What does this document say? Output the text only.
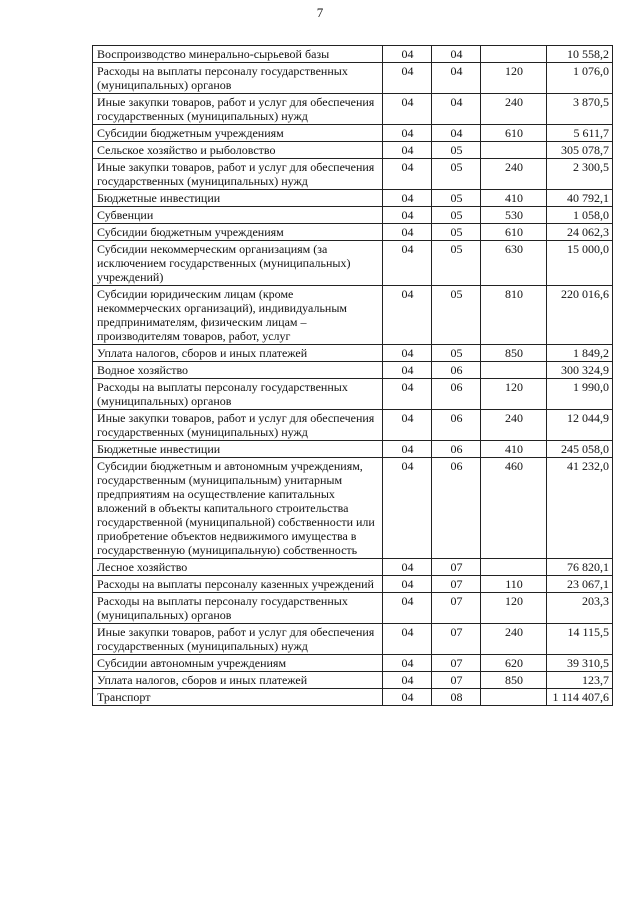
7
Воспроизводство минерально-сырьевой базы	04	04		10 558,2
Расходы на выплаты персоналу государственных (муниципальных) органов	04	04	120	1 076,0
Иные закупки товаров, работ и услуг для обеспечения государственных (муниципальных) нужд	04	04	240	3 870,5
Субсидии бюджетным учреждениям	04	04	610	5 611,7
Сельское хозяйство и рыболовство	04	05		305 078,7
Иные закупки товаров, работ и услуг для обеспечения государственных (муниципальных) нужд	04	05	240	2 300,5
Бюджетные инвестиции	04	05	410	40 792,1
Субвенции	04	05	530	1 058,0
Субсидии бюджетным учреждениям	04	05	610	24 062,3
Субсидии некоммерческим организациям (за исключением государственных (муниципальных) учреждений)	04	05	630	15 000,0
Субсидии юридическим лицам (кроме некоммерческих организаций), индивидуальным предпринимателям, физическим лицам – производителям товаров, работ, услуг	04	05	810	220 016,6
Уплата налогов, сборов и иных платежей	04	05	850	1 849,2
Водное хозяйство	04	06		300 324,9
Расходы на выплаты персоналу государственных (муниципальных) органов	04	06	120	1 990,0
Иные закупки товаров, работ и услуг для обеспечения государственных (муниципальных) нужд	04	06	240	12 044,9
Бюджетные инвестиции	04	06	410	245 058,0
Субсидии бюджетным и автономным учреждениям, государственным (муниципальным) унитарным предприятиям на осуществление капитальных вложений в объекты капитального строительства государственной (муниципальной) собственности или приобретение объектов недвижимого имущества в государственную (муниципальную) собственность	04	06	460	41 232,0
Лесное хозяйство	04	07		76 820,1
Расходы на выплаты персоналу казенных учреждений	04	07	110	23 067,1
Расходы на выплаты персоналу государственных (муниципальных) органов	04	07	120	203,3
Иные закупки товаров, работ и услуг для обеспечения государственных (муниципальных) нужд	04	07	240	14 115,5
Субсидии автономным учреждениям	04	07	620	39 310,5
Уплата налогов, сборов и иных платежей	04	07	850	123,7
Транспорт	04	08		1 114 407,6
